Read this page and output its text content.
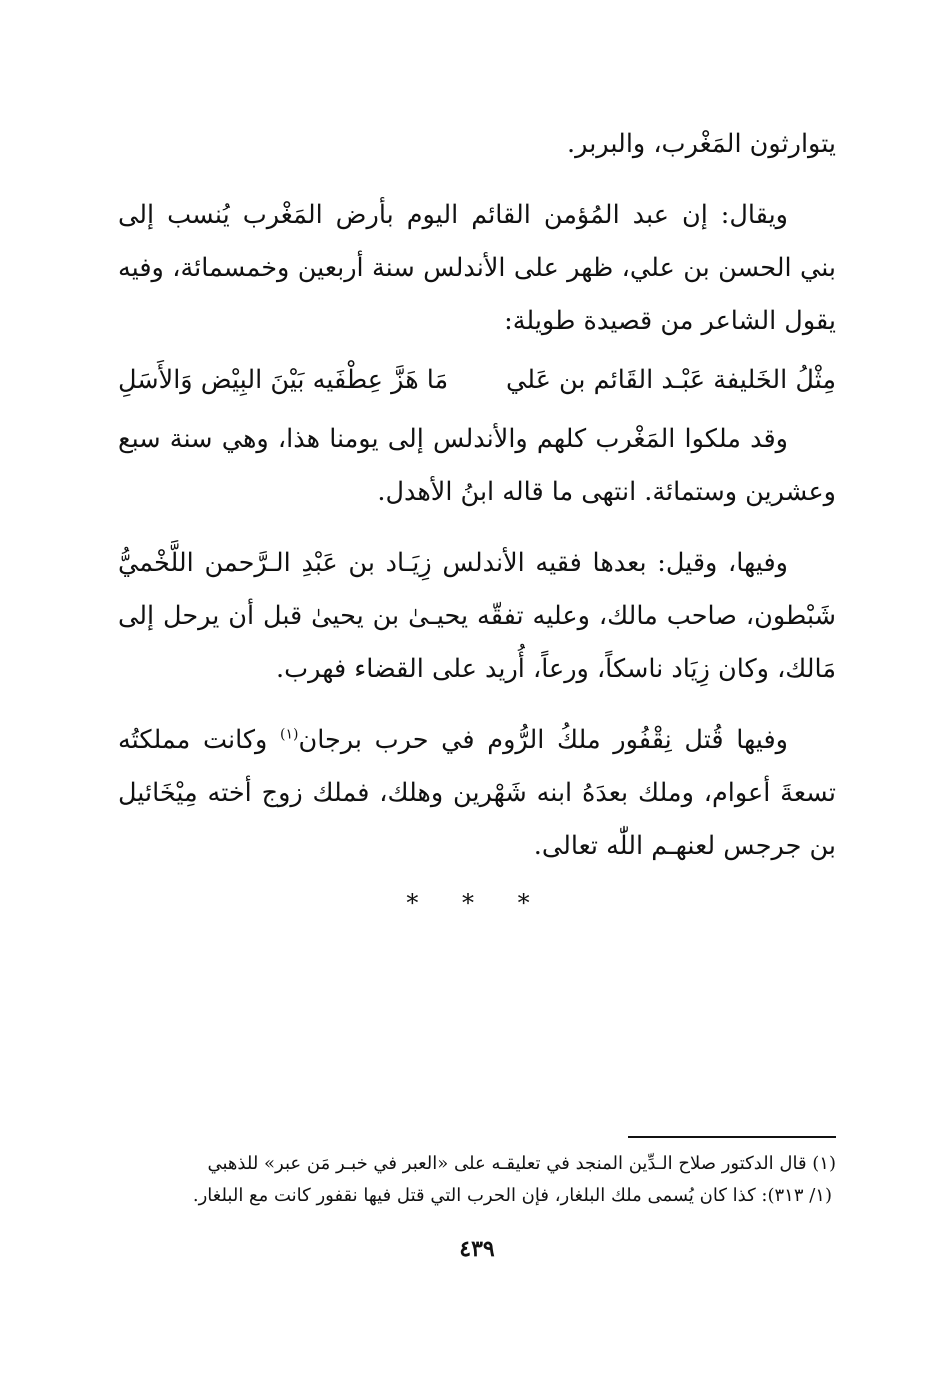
يتوارثون المَغْرب، والبربر.

ويقال: إن عبد المُؤمن القائم اليوم بأرض المَغْرب يُنسب إلى بني الحسن بن علي، ظهر على الأندلس سنة أربعين وخمسمائة، وفيه يقول الشاعر من قصيدة طويلة:

مِثْلُ الخَليفة عَبْـد القَائم بن عَلي
مَا هَزَّ عِطْفَيه بَيْنَ البِيْض وَالأَسَلِ

وقد ملكوا المَغْرب كلهم والأندلس إلى يومنا هذا، وهي سنة سبع وعشرين وستمائة. انتهى ما قاله ابنُ الأهدل.

وفيها، وقيل: بعدها فقيه الأندلس زِيَـاد بن عَبْدِ الـرَّحمن اللَّخْميُّ شَبْطون، صاحب مالك، وعليه تفقّه يحيـىٰ بن يحيىٰ قبل أن يرحل إلى مَالك، وكان زِيَاد ناسكاً، ورعاً، أُريد على القضاء فهرب.

وفيها قُتل نِقْفُور ملكُ الرُّوم في حرب برجان$^{(١)}$ وكانت مملكتُه تسعةَ أعوام، وملك بعدَهُ ابنه شَهْرين وهلك، فملك زوج أخته مِيْخَائيل بن جرجس لعنهـم اللّٰه تعالى.

* * *

(١) قال الدكتور صلاح الـدِّين المنجد في تعليقـه على «العبر في خبـر مَن عبر» للذهبي

(١/ ٣١٣): كذا كان يُسمى ملك البلغار، فإن الحرب التي قتل فيها نقفور كانت مع البلغار.

٤٣٩
